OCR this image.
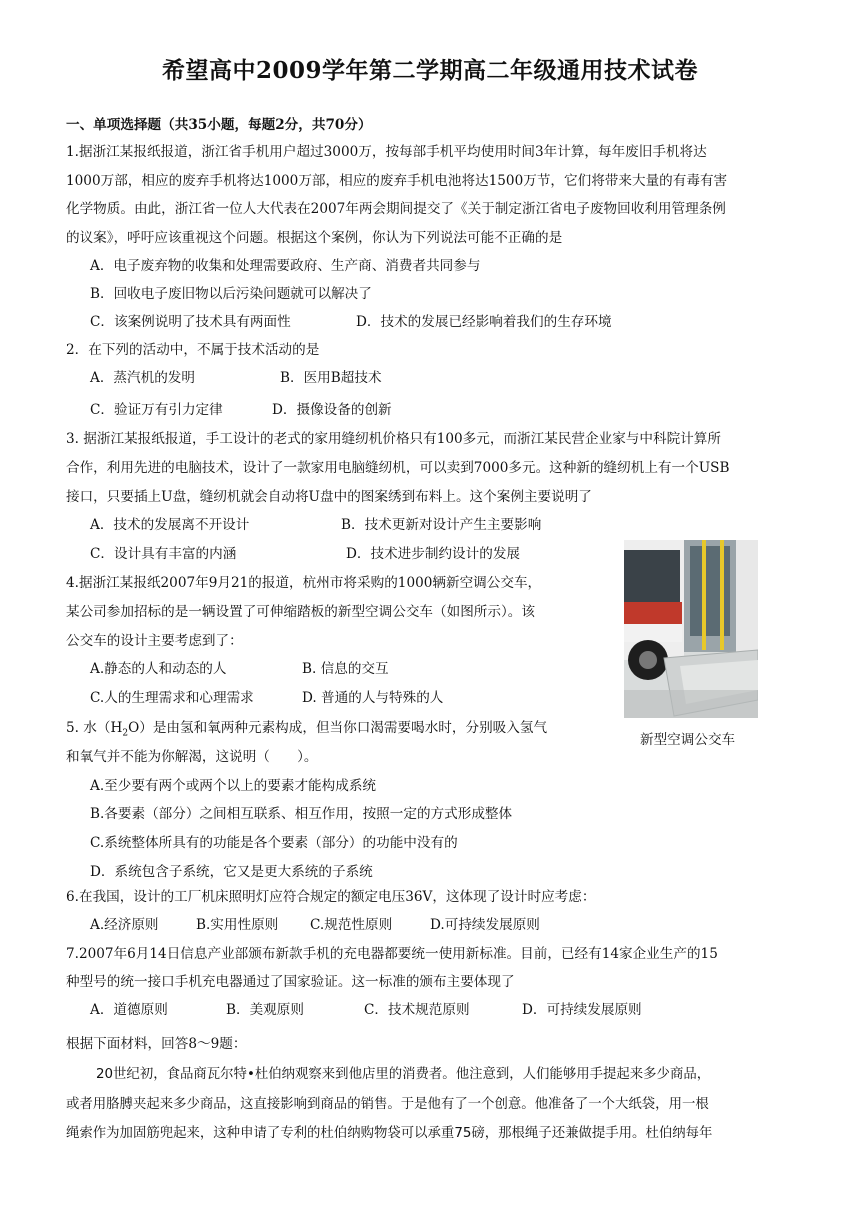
希望高中2009学年第二学期高二年级通用技术试卷
一、单项选择题（共35小题，每题2分，共70分）
1.据浙江某报纸报道，浙江省手机用户超过3000万，按每部手机平均使用时间3年计算，每年废旧手机将达
1000万部，相应的废弃手机将达1000万部，相应的废弃手机电池将达1500万节，它们将带来大量的有毒有害
化学物质。由此，浙江省一位人大代表在2007年两会期间提交了《关于制定浙江省电子废物回收利用管理条例
的议案》，呼吁应该重视这个问题。根据这个案例，你认为下列说法可能不正确的是
A．电子废弃物的收集和处理需要政府、生产商、消费者共同参与
B．回收电子废旧物以后污染问题就可以解决了
C．该案例说明了技术具有两面性	D．技术的发展已经影响着我们的生存环境
2．在下列的活动中，不属于技术活动的是
A．蒸汽机的发明	B．医用B超技术
C．验证万有引力定律	D．摄像设备的创新
3. 据浙江某报纸报道，手工设计的老式的家用缝纫机价格只有100多元，而浙江某民营企业家与中科院计算所
合作，利用先进的电脑技术，设计了一款家用电脑缝纫机，可以卖到7000多元。这种新的缝纫机上有一个USB
接口，只要插上U盘，缝纫机就会自动将U盘中的图案绣到布料上。这个案例主要说明了
A．技术的发展离不开设计	B．技术更新对设计产生主要影响
C．设计具有丰富的内涵	D．技术进步制约设计的发展
4.据浙江某报纸2007年9月21的报道，杭州市将采购的1000辆新空调公交车，
某公司参加招标的是一辆设置了可伸缩踏板的新型空调公交车（如图所示）。该
公交车的设计主要考虑到了：
A.静态的人和动态的人	B. 信息的交互
C.人的生理需求和心理需求	D. 普通的人与特殊的人
新型空调公交车
5. 水$(H_2O)$是由氢和氧两种元素构成，但当你口渴需要喝水时，分别吸入氢气
和氧气并不能为你解渴，这说明（　　）。
A.至少要有两个或两个以上的要素才能构成系统
B.各要素（部分）之间相互联系、相互作用，按照一定的方式形成整体
C.系统整体所具有的功能是各个要素（部分）的功能中没有的
D．系统包含子系统，它又是更大系统的子系统
6.在我国，设计的工厂机床照明灯应符合规定的额定电压36V，这体现了设计时应考虑：
A.经济原则	B.实用性原则 C.规范性原则	D.可持续发展原则
7.2007年6月14日信息产业部颁布新款手机的充电器都要统一使用新标准。目前，已经有14家企业生产的15
种型号的统一接口手机充电器通过了国家验证。这一标准的颁布主要体现了
A．道德原则	B．美观原则	C．技术规范原则	D．可持续发展原则
根据下面材料，回答8～9题：
20世纪初，食品商瓦尔特•杜伯纳观察来到他店里的消费者。他注意到，人们能够用手提起来多少商品，
或者用胳膊夹起来多少商品，这直接影响到商品的销售。于是他有了一个创意。他准备了一个大纸袋，用一根
绳索作为加固筋兜起来，这种申请了专利的杜伯纳购物袋可以承重75磅，那根绳子还兼做提手用。杜伯纳每年
